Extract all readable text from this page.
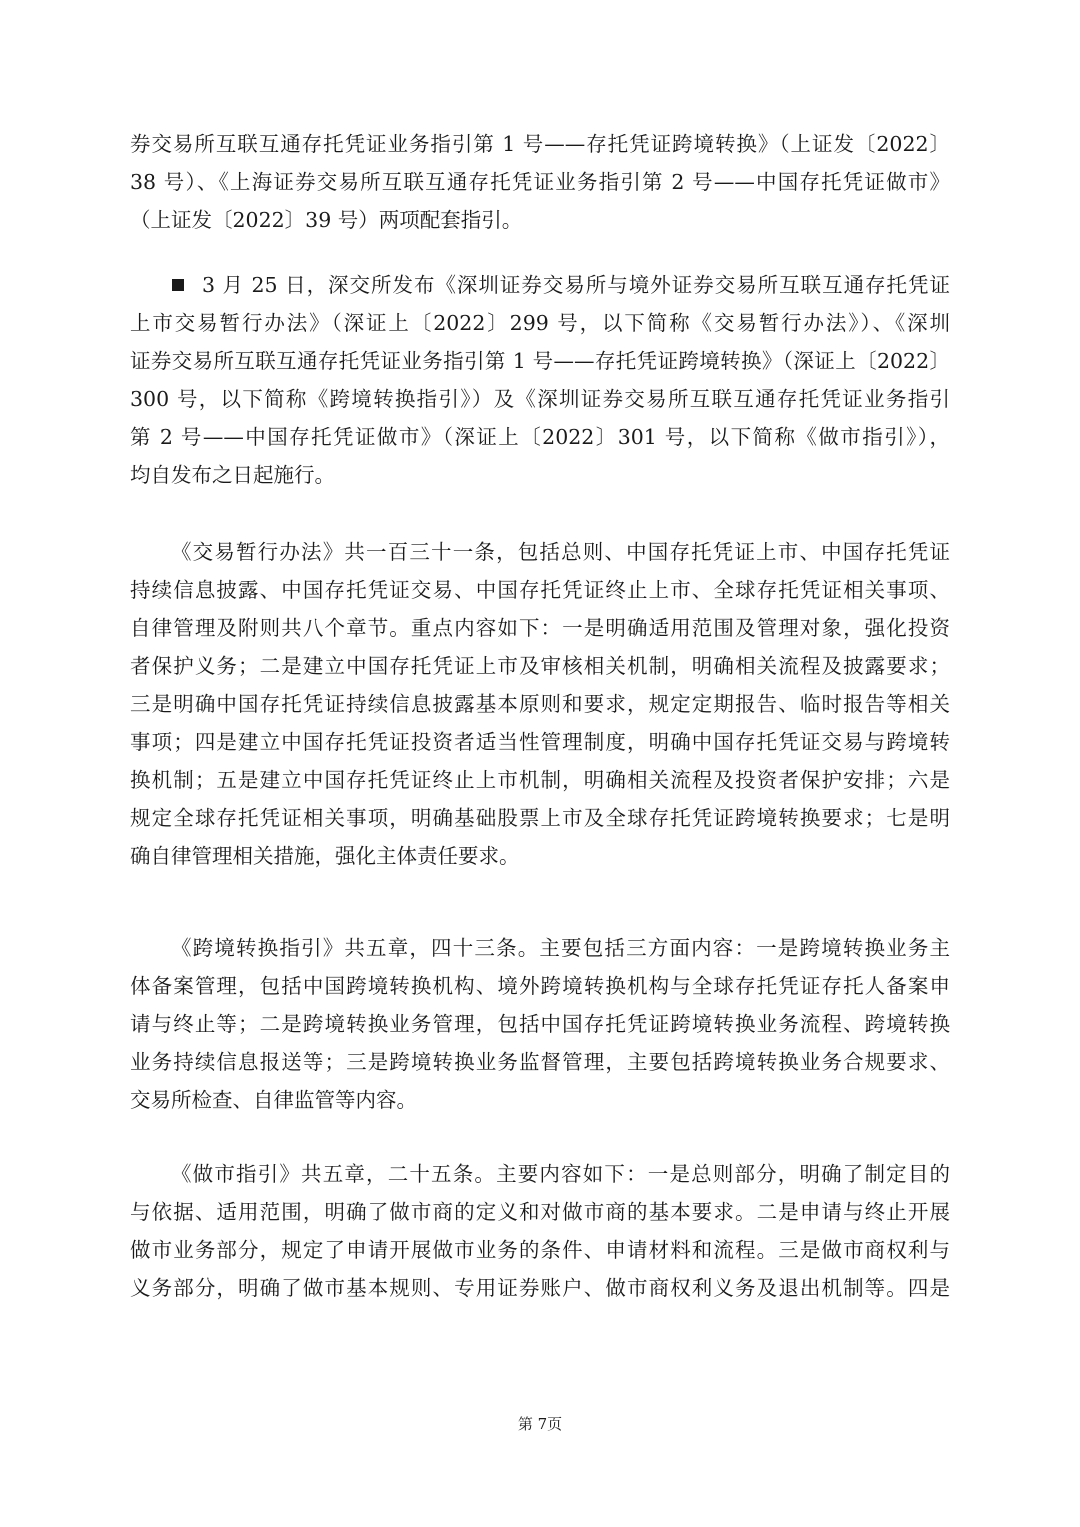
券交易所互联互通存托凭证业务指引第 1 号——存托凭证跨境转换》（上证发〔2022〕
38 号）、《上海证券交易所互联互通存托凭证业务指引第 2 号——中国存托凭证做市》
（上证发〔2022〕39 号）两项配套指引。
3 月 25 日，深交所发布《深圳证券交易所与境外证券交易所互联互通存托凭证
上市交易暂行办法》（深证上〔2022〕299 号，以下简称《交易暂行办法》）、《深圳
证券交易所互联互通存托凭证业务指引第 1 号——存托凭证跨境转换》（深证上〔2022〕
300 号，以下简称《跨境转换指引》）及《深圳证券交易所互联互通存托凭证业务指引
第 2 号——中国存托凭证做市》（深证上〔2022〕301 号，以下简称《做市指引》），
均自发布之日起施行。
《交易暂行办法》共一百三十一条，包括总则、中国存托凭证上市、中国存托凭证
持续信息披露、中国存托凭证交易、中国存托凭证终止上市、全球存托凭证相关事项、
自律管理及附则共八个章节。重点内容如下：一是明确适用范围及管理对象，强化投资
者保护义务；二是建立中国存托凭证上市及审核相关机制，明确相关流程及披露要求；
三是明确中国存托凭证持续信息披露基本原则和要求，规定定期报告、临时报告等相关
事项；四是建立中国存托凭证投资者适当性管理制度，明确中国存托凭证交易与跨境转
换机制；五是建立中国存托凭证终止上市机制，明确相关流程及投资者保护安排；六是
规定全球存托凭证相关事项，明确基础股票上市及全球存托凭证跨境转换要求；七是明
确自律管理相关措施，强化主体责任要求。
《跨境转换指引》共五章，四十三条。主要包括三方面内容：一是跨境转换业务主
体备案管理，包括中国跨境转换机构、境外跨境转换机构与全球存托凭证存托人备案申
请与终止等；二是跨境转换业务管理，包括中国存托凭证跨境转换业务流程、跨境转换
业务持续信息报送等；三是跨境转换业务监督管理，主要包括跨境转换业务合规要求、
交易所检查、自律监管等内容。
《做市指引》共五章，二十五条。主要内容如下：一是总则部分，明确了制定目的
与依据、适用范围，明确了做市商的定义和对做市商的基本要求。二是申请与终止开展
做市业务部分，规定了申请开展做市业务的条件、申请材料和流程。三是做市商权利与
义务部分，明确了做市基本规则、专用证券账户、做市商权利义务及退出机制等。四是
第 7页
